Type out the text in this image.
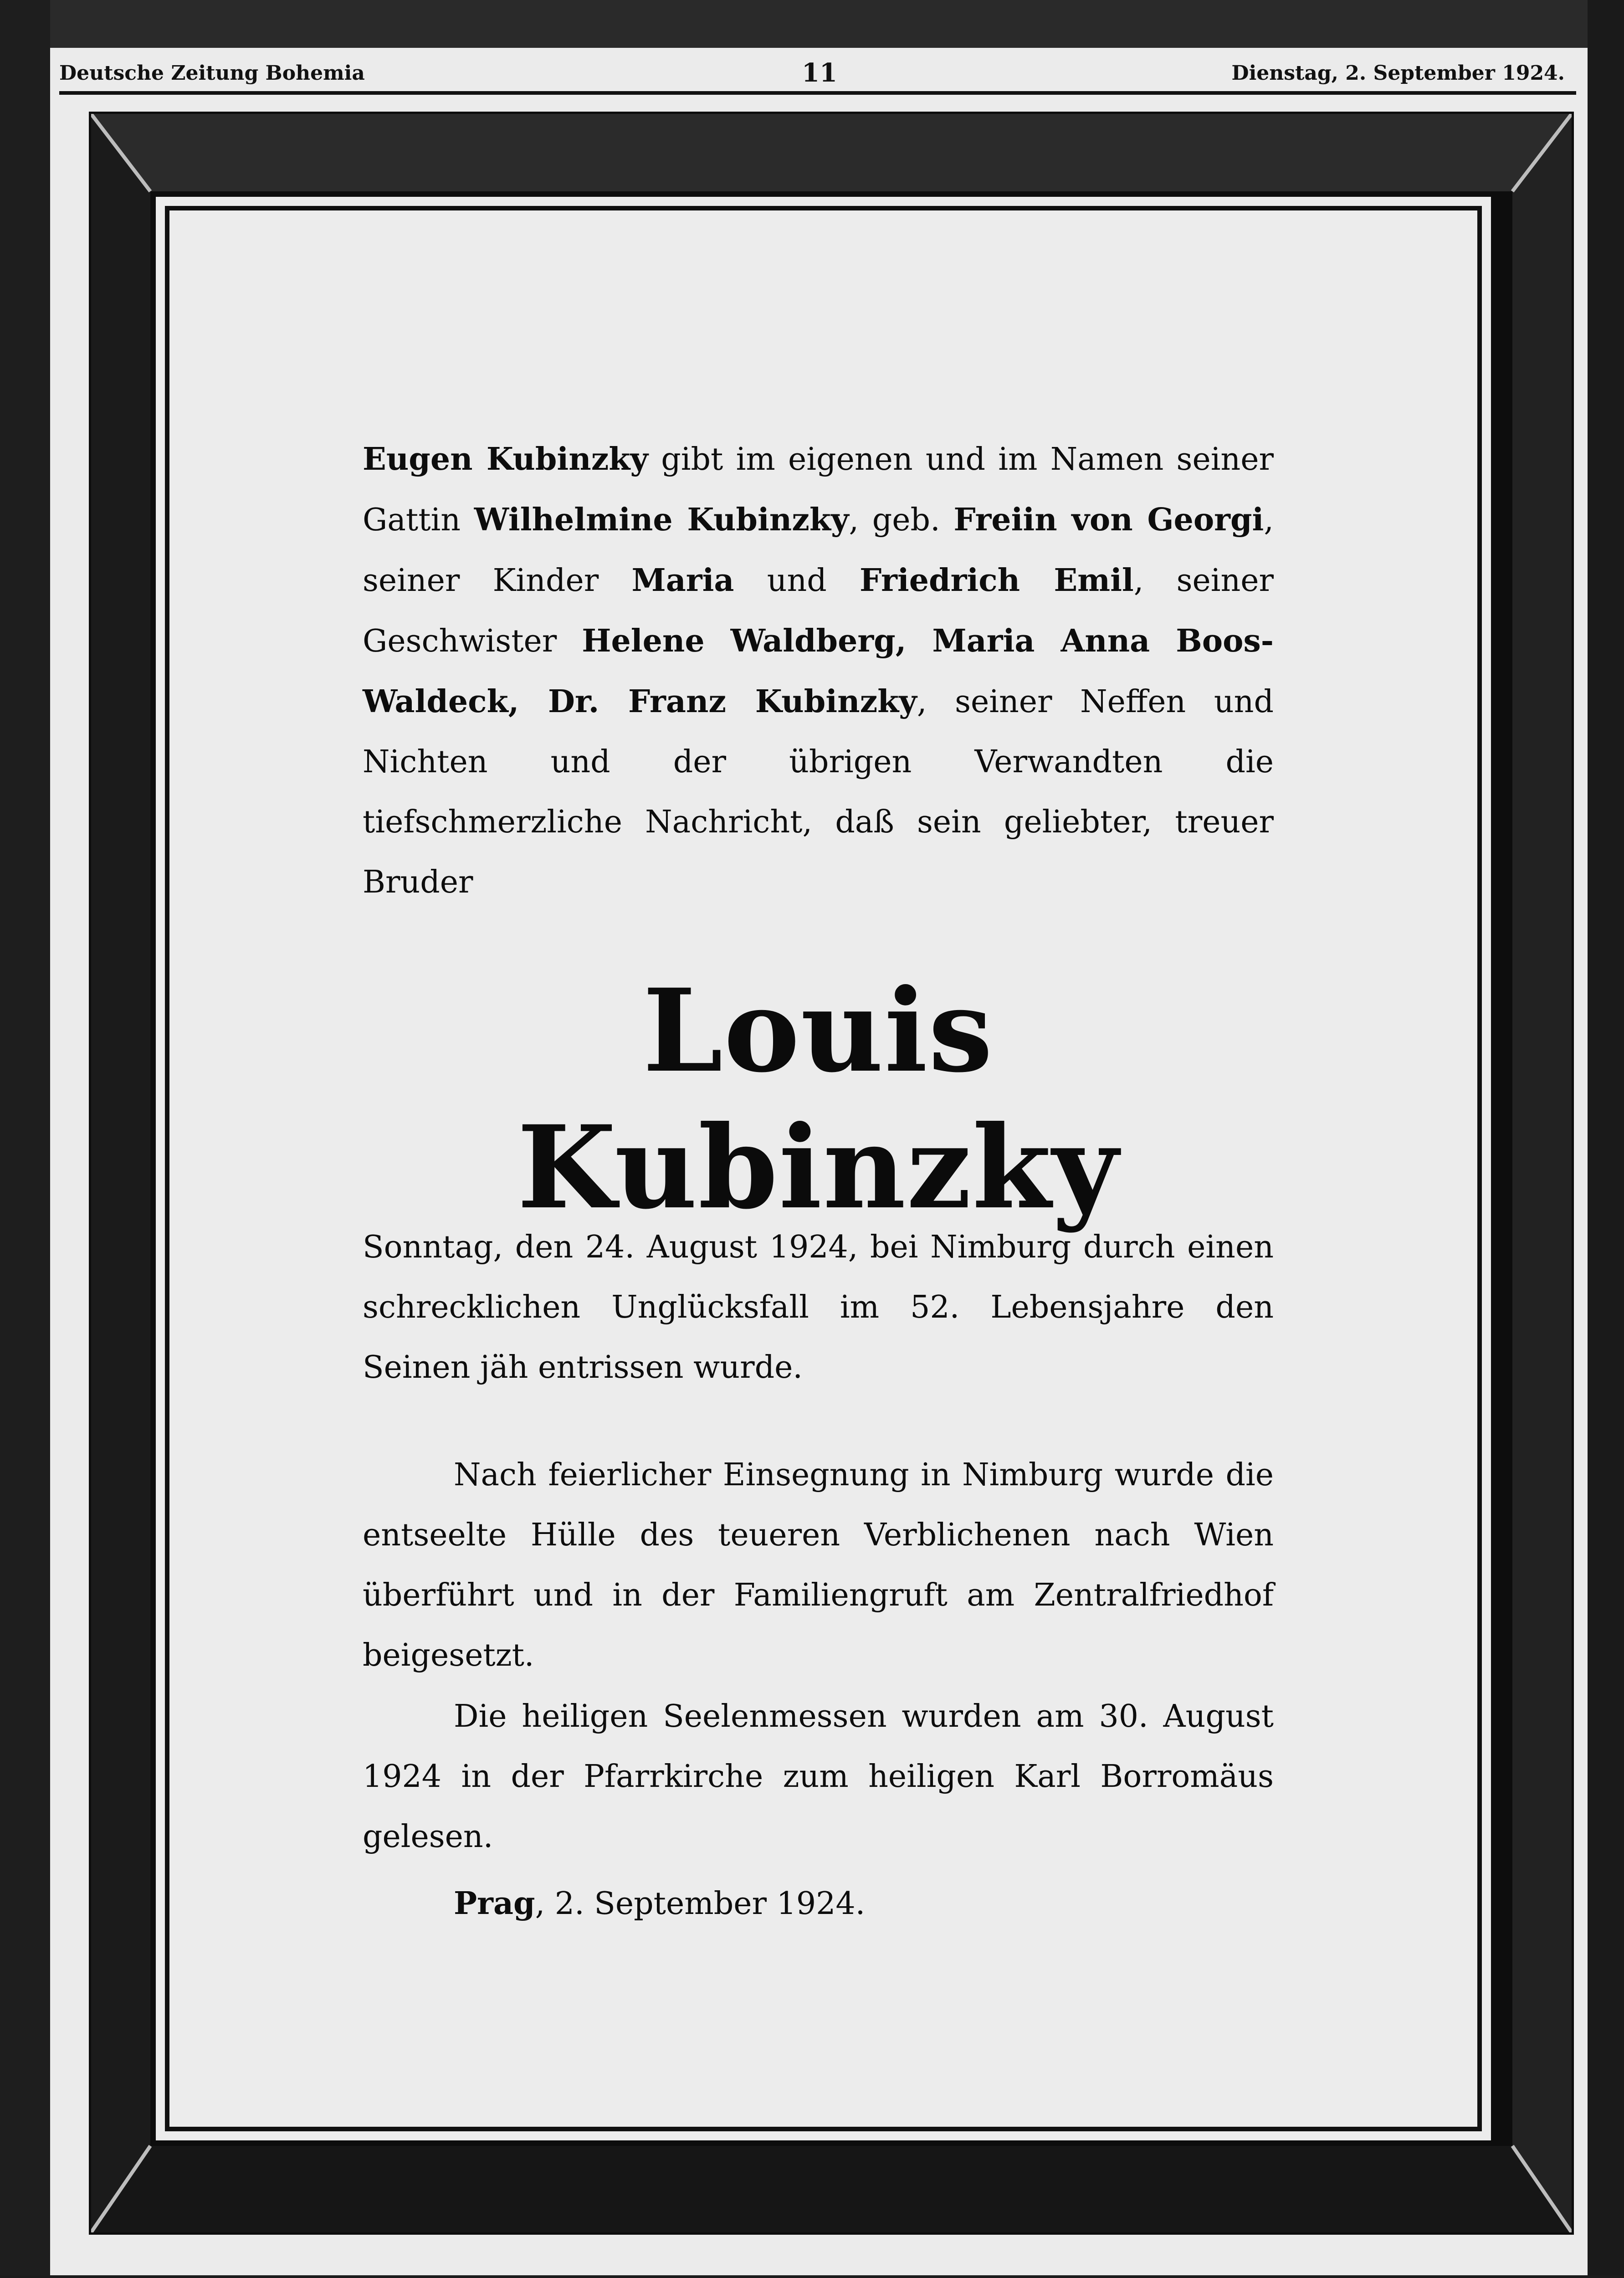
Deutsche Zeitung Bohemia	11	Dienstag, 2. September 1924.
Eugen Kubinzky gibt im eigenen und im Namen seiner Gattin Wilhelmine Kubinzky, geb. Freiin von Georgi, seiner Kinder Maria und Friedrich Emil, seiner Geschwister Helene Waldberg, Maria Anna Boos-Waldeck, Dr. Franz Kubinzky, seiner Neffen und Nichten und der übrigen Verwandten die tiefschmerzliche Nachricht, daß sein geliebter, treuer Bruder
Louis Kubinzky
Sonntag, den 24. August 1924, bei Nimburg durch einen schrecklichen Unglücksfall im 52. Lebensjahre den Seinen jäh entrissen wurde.
Nach feierlicher Einsegnung in Nimburg wurde die entseelte Hülle des teueren Verblichenen nach Wien überführt und in der Familiengruft am Zentralfriedhof beigesetzt.
Die heiligen Seelenmessen wurden am 30. August 1924 in der Pfarrkirche zum heiligen Karl Borromäus gelesen.
Prag, 2. September 1924.
